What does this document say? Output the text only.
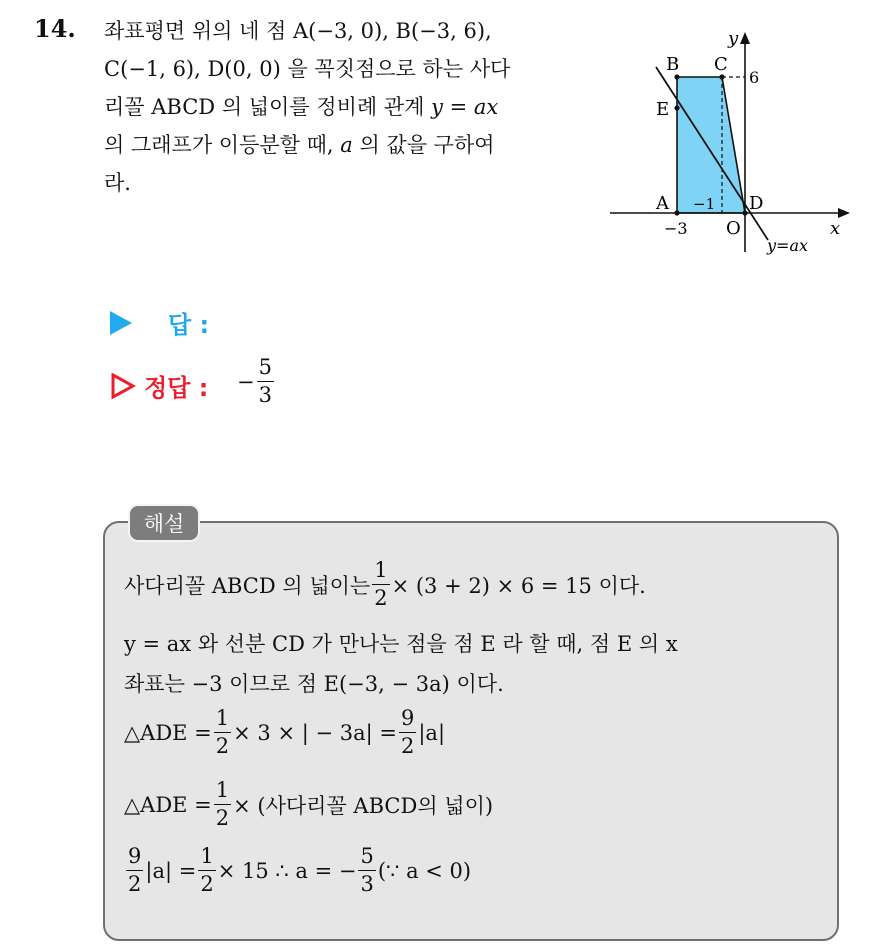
14. 좌표평면 위의 네 점 A(−3, 0), B(−3, 6),
C(−1, 6), D(0, 0) 을 꼭짓점으로 하는 사다
리꼴 ABCD 의 넓이를 정비례 관계 y = ax
의 그래프가 이등분할 때, a 의 값을 구하여
라.
y
B C
6
E
A −1 D
−3 O	x
y=ax
답 :
정답 : − $\frac{5}{3}$
해설
사다리꼴 ABCD 의 넓이는 $\frac{1}{2} \times (3 + 2) \times 6 = 15$ 이다.
y = ax 와 선분 CD 가 만나는 점을 점 E 라 할 때, 점 E 의 x
좌표는 −3 이므로 점 E(−3, − 3a) 이다.
△ADE = $\frac{1}{2} \times 3$ × | − $3a| = \frac{9}{2} |a|$
△ADE = $\frac{1}{2}$ × (사다리꼴 ABCD의 넓이)
$\frac{9}{2} |a| = \frac{1}{2} \times 15$ ∴ a = − $\frac{5}{3}$ (∵ a < 0)
